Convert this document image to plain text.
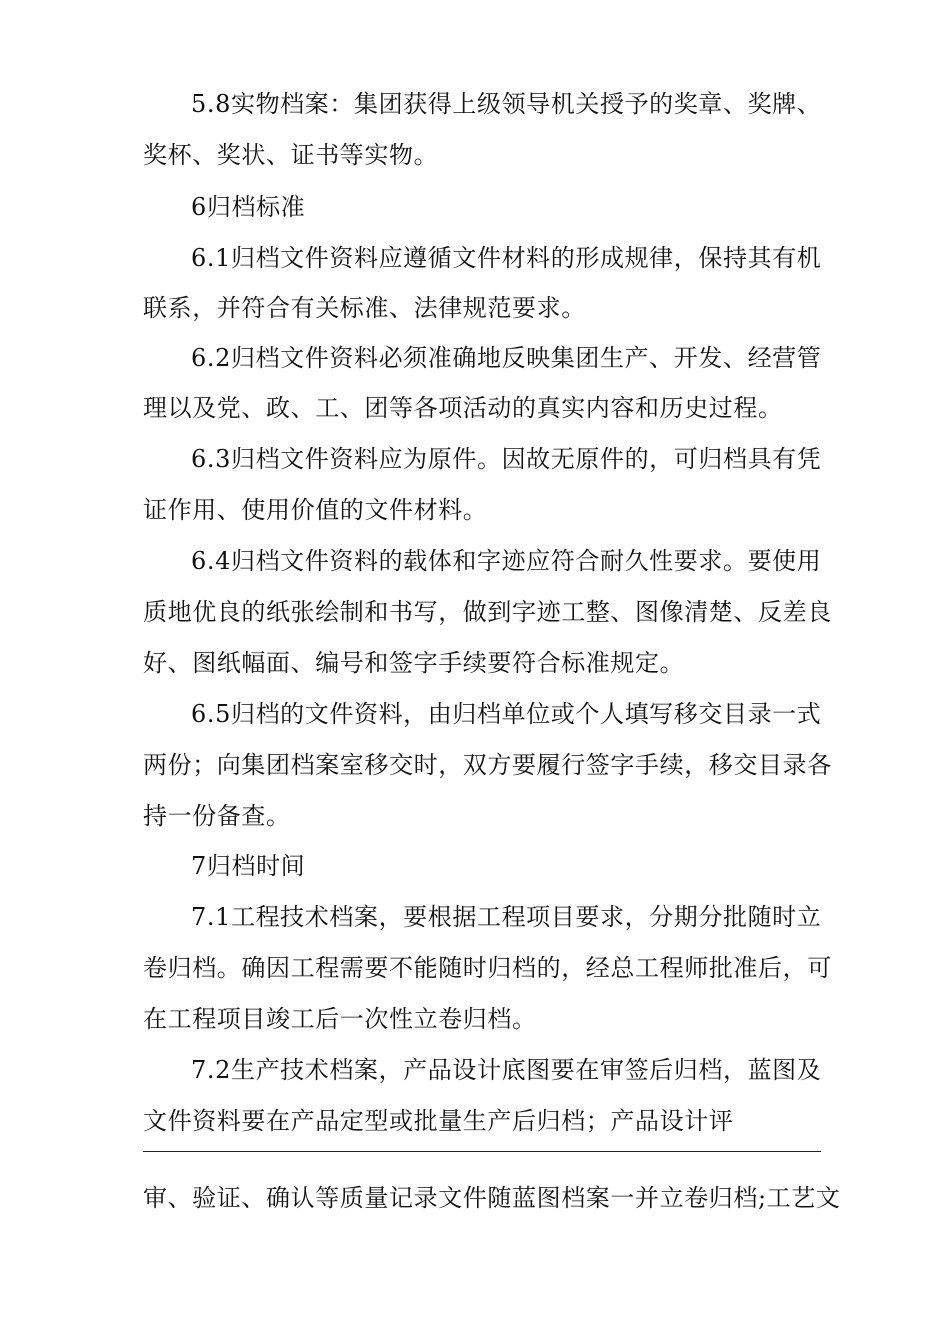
5.8实物档案：集团获得上级领导机关授予的奖章、奖牌、
奖杯、奖状、证书等实物。
6归档标准
6.1归档文件资料应遵循文件材料的形成规律，保持其有机
联系，并符合有关标准、法律规范要求。
6.2归档文件资料必须准确地反映集团生产、开发、经营管
理以及党、政、工、团等各项活动的真实内容和历史过程。
6.3归档文件资料应为原件。因故无原件的，可归档具有凭
证作用、使用价值的文件材料。
6.4归档文件资料的载体和字迹应符合耐久性要求。要使用
质地优良的纸张绘制和书写，做到字迹工整、图像清楚、反差良
好、图纸幅面、编号和签字手续要符合标准规定。
6.5归档的文件资料，由归档单位或个人填写移交目录一式
两份；向集团档案室移交时，双方要履行签字手续，移交目录各
持一份备查。
7归档时间
7.1工程技术档案，要根据工程项目要求，分期分批随时立
卷归档。确因工程需要不能随时归档的，经总工程师批准后，可
在工程项目竣工后一次性立卷归档。
7.2生产技术档案，产品设计底图要在审签后归档，蓝图及
文件资料要在产品定型或批量生产后归档；产品设计评
审、验证、确认等质量记录文件随蓝图档案一并立卷归档;工艺文
